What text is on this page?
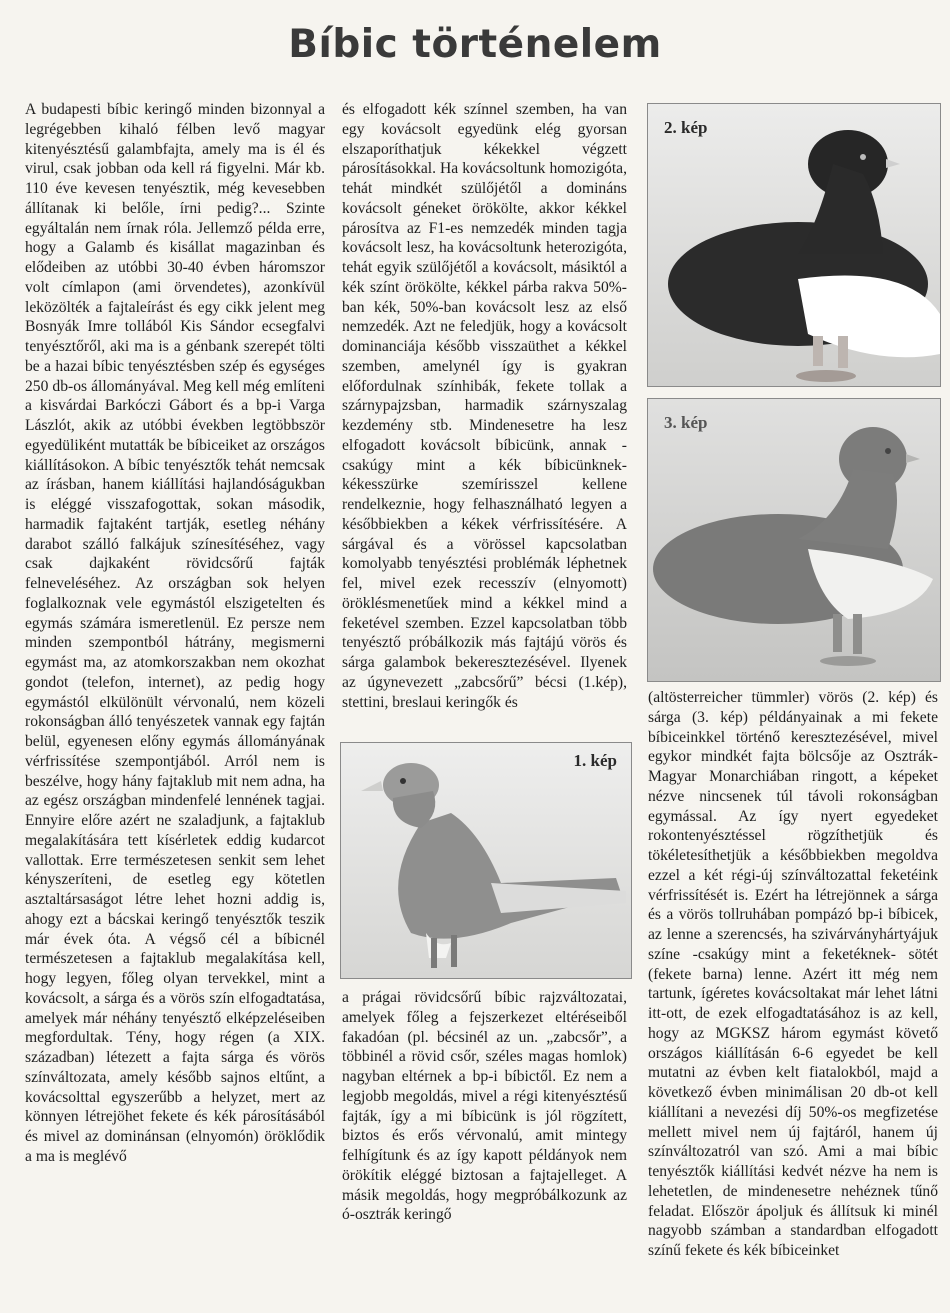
Bíbic történelem

A budapesti bíbic keringő minden bizonnyal a legrégebben kihaló félben levő magyar kitenyésztésű galambfajta, amely ma is él és virul, csak jobban oda kell rá figyelni. Már kb. 110 éve kevesen tenyésztik, még kevesebben állítanak ki belőle, írni pedig?... Szinte egyáltalán nem írnak róla. Jellemző példa erre, hogy a Galamb és kisállat magazinban és elődeiben az utóbbi 30-40 évben háromszor volt címlapon (ami örvendetes), azonkívül leközölték a fajtaleírást és egy cikk jelent meg Bosnyák Imre tollából Kis Sándor ecsegfalvi tenyésztőről, aki ma is a génbank szerepét tölti be a hazai bíbic tenyésztésben szép és egységes 250 db-os állományával. Meg kell még említeni a kisvárdai Barkóczi Gábort és a bp-i Varga Lászlót, akik az utóbbi években legtöbbször egyedüliként mutatták be bíbiceiket az országos kiállításokon. A bíbic tenyésztők tehát nemcsak az írásban, hanem kiállítási hajlandóságukban is eléggé visszafogottak, sokan második, harmadik fajtaként tartják, esetleg néhány darabot szálló falkájuk színesítéséhez, vagy csak dajkaként rövidcsőrű fajták felneveléséhez. Az országban sok helyen foglalkoznak vele egymástól elszigetelten és egymás számára ismeretlenül. Ez persze nem minden szempontból hátrány, megismerni egymást ma, az atomkorszakban nem okozhat gondot (telefon, internet), az pedig hogy egymástól elkülönült vérvonalú, nem közeli rokonságban álló tenyészetek vannak egy fajtán belül, egyenesen előny egymás állományának vérfrissítése szempontjából. Arról nem is beszélve, hogy hány fajtaklub mit nem adna, ha az egész országban mindenfelé lennének tagjai. Ennyire előre azért ne szaladjunk, a fajtaklub megalakítására tett kísérletek eddig kudarcot vallottak. Erre természetesen senkit sem lehet kényszeríteni, de esetleg egy kötetlen asztaltársaságot létre lehet hozni addig is, ahogy ezt a bácskai keringő tenyésztők teszik már évek óta. A végső cél a bíbicnél természetesen a fajtaklub megalakítása kell, hogy legyen, főleg olyan tervekkel, mint a kovácsolt, a sárga és a vörös szín elfogadtatása, amelyek már néhány tenyésztő elképzeléseiben megfordultak. Tény, hogy régen (a XIX. században) létezett a fajta sárga és vörös színváltozata, amely később sajnos eltűnt, a kovácsolttal egyszerűbb a helyzet, mert az könnyen létrejöhet fekete és kék párosításából és mivel az dominánsan (elnyomón) öröklődik a ma is meglévő

és elfogadott kék színnel szemben, ha van egy kovácsolt egyedünk elég gyorsan elszaporíthatjuk kékekkel végzett párosításokkal. Ha kovácsoltunk homozigóta, tehát mindkét szülőjétől a domináns kovácsolt géneket örökölte, akkor kékkel párosítva az F1-es nemzedék minden tagja kovácsolt lesz, ha kovácsoltunk heterozigóta, tehát egyik szülőjétől a kovácsolt, másiktól a kék színt örökölte, kékkel párba rakva 50%-ban kék, 50%-ban kovácsolt lesz az első nemzedék. Azt ne feledjük, hogy a kovácsolt dominanciája később visszaüthet a kékkel szemben, amelynél így is gyakran előfordulnak színhibák, fekete tollak a szárnypajzsban, harmadik szárnyszalag kezdemény stb. Mindenesetre ha lesz elfogadott kovácsolt bíbicünk, annak -csakúgy mint a kék bíbicünknek- kékesszürke szemírisszel kellene rendelkeznie, hogy felhasználható legyen a későbbiekben a kékek vérfrissítésére. A sárgával és a vörössel kapcsolatban komolyabb tenyésztési problémák léphetnek fel, mivel ezek recesszív (elnyomott) öröklésmenetűek mind a kékkel mind a feketével szemben. Ezzel kapcsolatban több tenyésztő próbálkozik más fajtájú vörös és sárga galambok bekeresztezésével. Ilyenek az úgynevezett „zabcsőrű” bécsi (1.kép), stettini, breslaui keringők és

a prágai rövidcsőrű bíbic rajzváltozatai, amelyek főleg a fejszerkezet eltéréseiből fakadóan (pl. bécsinél az un. „zabcsőr”, a többinél a rövid csőr, széles magas homlok) nagyban eltérnek a bp-i bíbictől. Ez nem a legjobb megoldás, mivel a régi kitenyésztésű fajták, így a mi bíbicünk is jól rögzített, biztos és erős vérvonalú, amit mintegy felhígítunk és az így kapott példányok nem örökítik eléggé biztosan a fajtajelleget. A másik megoldás, hogy megpróbálkozunk az ó-osztrák keringő

(altösterreicher tümmler) vörös (2. kép) és sárga (3. kép) példányainak a mi fekete bíbiceinkkel történő keresztezésével, mivel egykor mindkét fajta bölcsője az Osztrák-Magyar Monarchiában ringott, a képeket nézve nincsenek túl távoli rokonságban egymással. Az így nyert egyedeket rokontenyésztéssel rögzíthetjük és tökéletesíthetjük a későbbiekben megoldva ezzel a két régi-új színváltozattal feketéink vérfrissítését is. Ezért ha létrejönnek a sárga és a vörös tollruhában pompázó bp-i bíbicek, az lenne a szerencsés, ha szivárványhártyájuk színe -csakúgy mint a feketéknek- sötét (fekete barna) lenne. Azért itt még nem tartunk, ígéretes kovácsoltakat már lehet látni itt-ott, de ezek elfogadtatásához is az kell, hogy az MGKSZ három egymást követő országos kiállításán 6-6 egyedet be kell mutatni az évben kelt fiatalokból, majd a következő évben minimálisan 20 db-ot kell kiállítani a nevezési díj 50%-os megfizetése mellett mivel nem új fajtáról, hanem új színváltozatról van szó. Ami a mai bíbic tenyésztők kiállítási kedvét nézve ha nem is lehetetlen, de mindenesetre nehéznek tűnő feladat. Először ápoljuk és állítsuk ki minél nagyobb számban a standardban elfogadott színű fekete és kék bíbiceinket

2. kép
3. kép
1. kép
